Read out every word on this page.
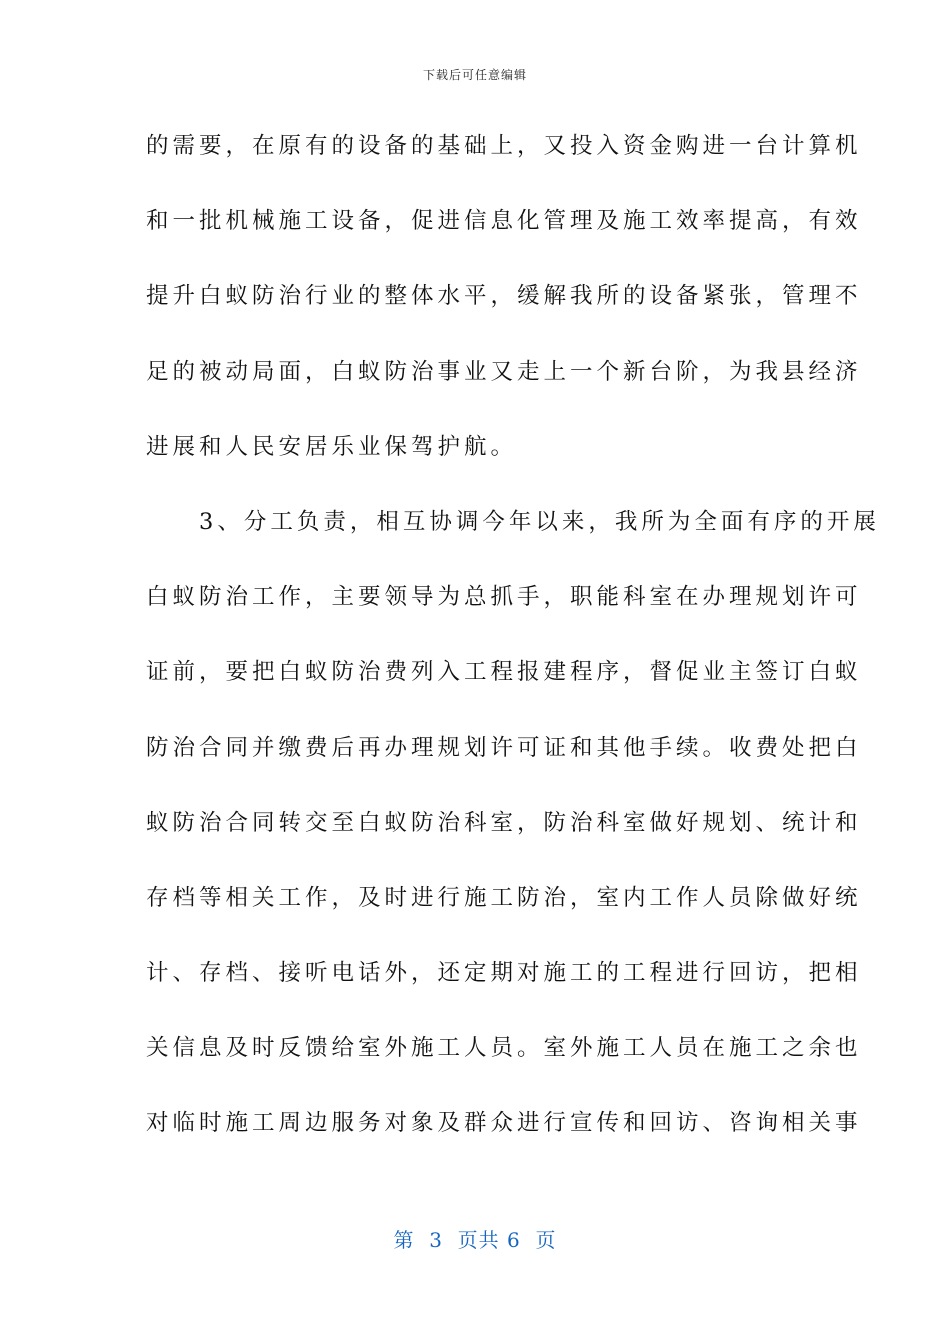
下载后可任意编辑
的需要，在原有的设备的基础上，又投入资金购进一台计算机
和一批机械施工设备，促进信息化管理及施工效率提高，有效
提升白蚁防治行业的整体水平，缓解我所的设备紧张，管理不
足的被动局面，白蚁防治事业又走上一个新台阶，为我县经济
进展和人民安居乐业保驾护航。
　　3、分工负责，相互协调今年以来，我所为全面有序的开展
白蚁防治工作，主要领导为总抓手，职能科室在办理规划许可
证前，要把白蚁防治费列入工程报建程序，督促业主签订白蚁
防治合同并缴费后再办理规划许可证和其他手续。收费处把白
蚁防治合同转交至白蚁防治科室，防治科室做好规划、统计和
存档等相关工作，及时进行施工防治，室内工作人员除做好统
计、存档、接听电话外，还定期对施工的工程进行回访，把相
关信息及时反馈给室外施工人员。室外施工人员在施工之余也
对临时施工周边服务对象及群众进行宣传和回访、咨询相关事
第  3  页共 6  页
